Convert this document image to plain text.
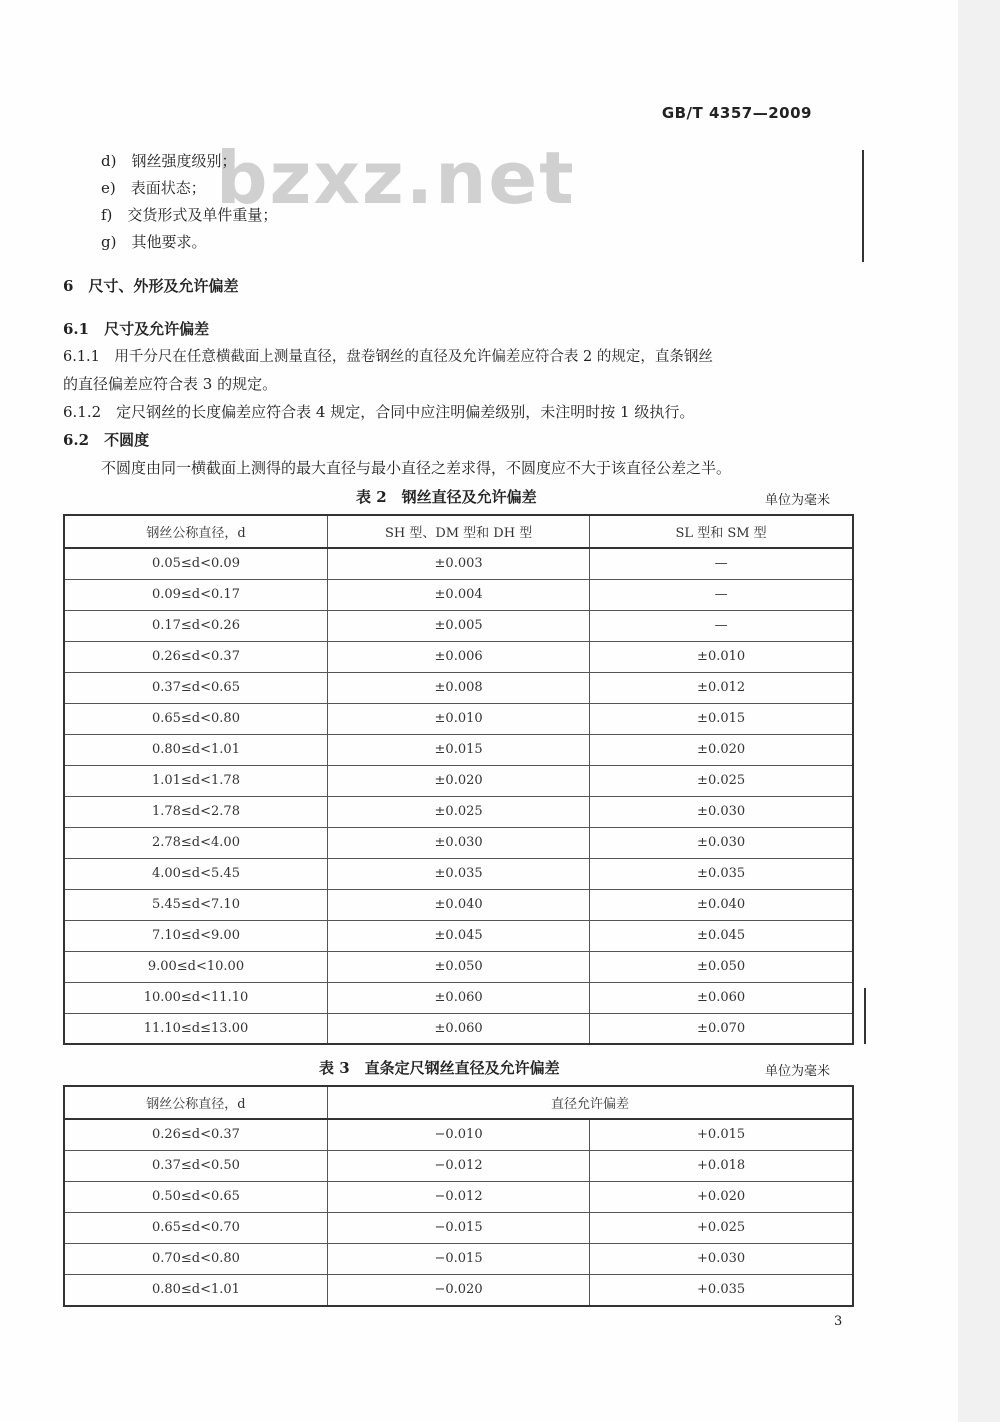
GB/T 4357—2009
bzxz.net
d)　钢丝强度级别；
e)　表面状态；
f)　交货形式及单件重量；
g)　其他要求。
6　尺寸、外形及允许偏差
6.1　尺寸及允许偏差
6.1.1　用千分尺在任意横截面上测量直径，盘卷钢丝的直径及允许偏差应符合表 2 的规定，直条钢丝
的直径偏差应符合表 3 的规定。
6.1.2　定尺钢丝的长度偏差应符合表 4 规定，合同中应注明偏差级别，未注明时按 1 级执行。
6.2　不圆度
不圆度由同一横截面上测得的最大直径与最小直径之差求得，不圆度应不大于该直径公差之半。
表 2　钢丝直径及允许偏差	单位为毫米
钢丝公称直径，d	SH 型、DM 型和 DH 型	SL 型和 SM 型
0.05≤d<0.09	±0.003	—
0.09≤d<0.17	±0.004	—
0.17≤d<0.26	±0.005	—
0.26≤d<0.37	±0.006	±0.010
0.37≤d<0.65	±0.008	±0.012
0.65≤d<0.80	±0.010	±0.015
0.80≤d<1.01	±0.015	±0.020
1.01≤d<1.78	±0.020	±0.025
1.78≤d<2.78	±0.025	±0.030
2.78≤d<4.00	±0.030	±0.030
4.00≤d<5.45	±0.035	±0.035
5.45≤d<7.10	±0.040	±0.040
7.10≤d<9.00	±0.045	±0.045
9.00≤d<10.00	±0.050	±0.050
10.00≤d<11.10	±0.060	±0.060
11.10≤d≤13.00	±0.060	±0.070
表 3　直条定尺钢丝直径及允许偏差	单位为毫米
钢丝公称直径，d	直径允许偏差	
0.26≤d<0.37	−0.010	+0.015
0.37≤d<0.50	−0.012	+0.018
0.50≤d<0.65	−0.012	+0.020
0.65≤d<0.70	−0.015	+0.025
0.70≤d<0.80	−0.015	+0.030
0.80≤d<1.01	−0.020	+0.035
3
